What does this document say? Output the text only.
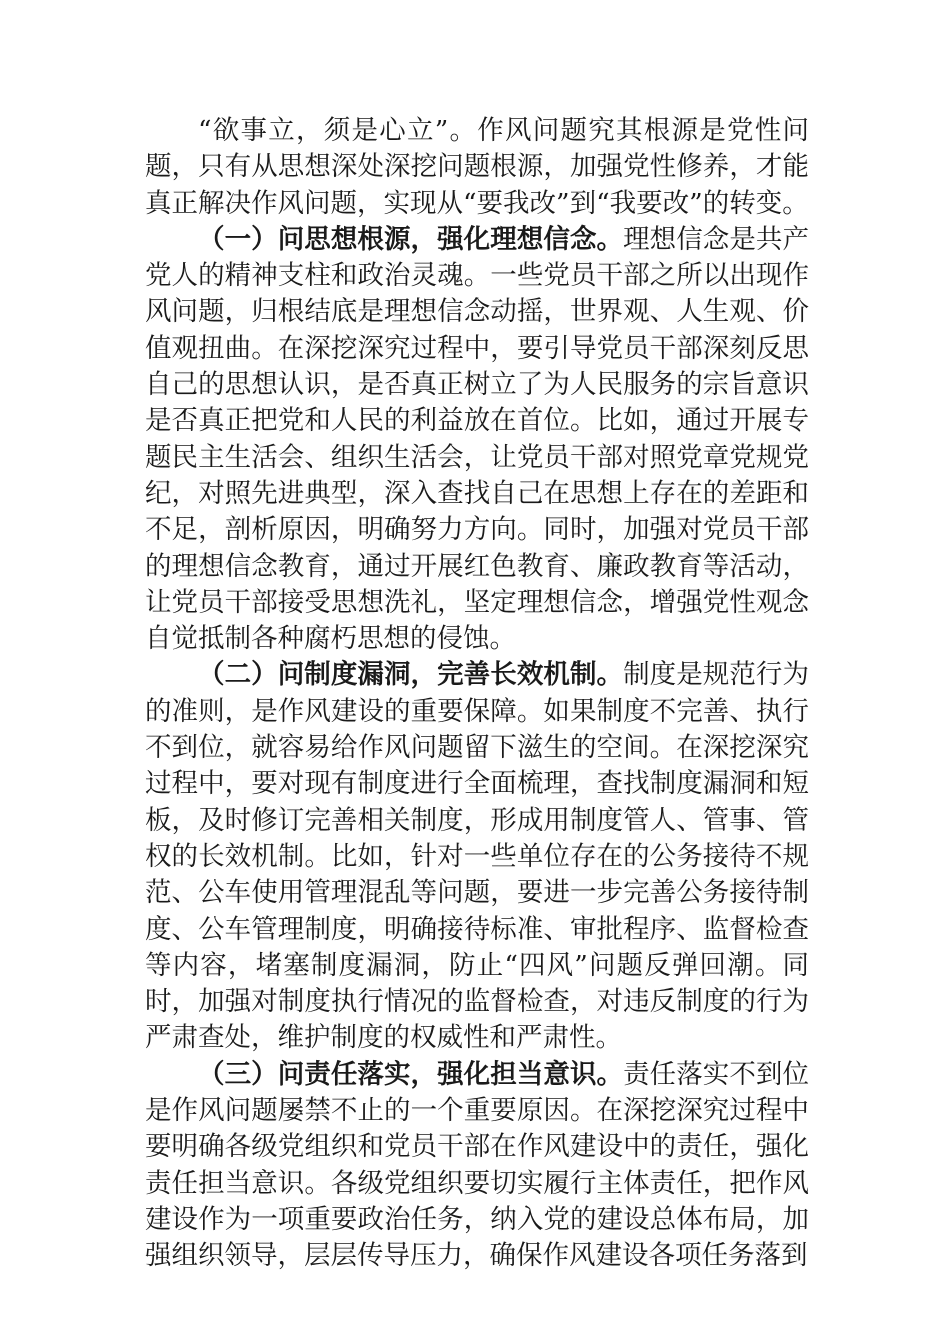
“欲事立，须是心立”。作风问题究其根源是党性问题，只有从思想深处深挖问题根源，加强党性修养，才能真正解决作风问题，实现从“要我改”到“我要改”的转变。

（一）问思想根源，强化理想信念。理想信念是共产党人的精神支柱和政治灵魂。一些党员干部之所以出现作风问题，归根结底是理想信念动摇，世界观、人生观、价值观扭曲。在深挖深究过程中，要引导党员干部深刻反思自己的思想认识，是否真正树立了为人民服务的宗旨意识是否真正把党和人民的利益放在首位。比如，通过开展专题民主生活会、组织生活会，让党员干部对照党章党规党纪，对照先进典型，深入查找自己在思想上存在的差距和不足，剖析原因，明确努力方向。同时，加强对党员干部的理想信念教育，通过开展红色教育、廉政教育等活动，让党员干部接受思想洗礼，坚定理想信念，增强党性观念自觉抵制各种腐朽思想的侵蚀。

（二）问制度漏洞，完善长效机制。制度是规范行为的准则，是作风建设的重要保障。如果制度不完善、执行不到位，就容易给作风问题留下滋生的空间。在深挖深究过程中，要对现有制度进行全面梳理，查找制度漏洞和短板，及时修订完善相关制度，形成用制度管人、管事、管权的长效机制。比如，针对一些单位存在的公务接待不规范、公车使用管理混乱等问题，要进一步完善公务接待制度、公车管理制度，明确接待标准、审批程序、监督检查等内容，堵塞制度漏洞，防止“四风”问题反弹回潮。同时，加强对制度执行情况的监督检查，对违反制度的行为严肃查处，维护制度的权威性和严肃性。

（三）问责任落实，强化担当意识。责任落实不到位是作风问题屡禁不止的一个重要原因。在深挖深究过程中要明确各级党组织和党员干部在作风建设中的责任，强化责任担当意识。各级党组织要切实履行主体责任，把作风建设作为一项重要政治任务，纳入党的建设总体布局，加强组织领导，层层传导压力，确保作风建设各项任务落到
